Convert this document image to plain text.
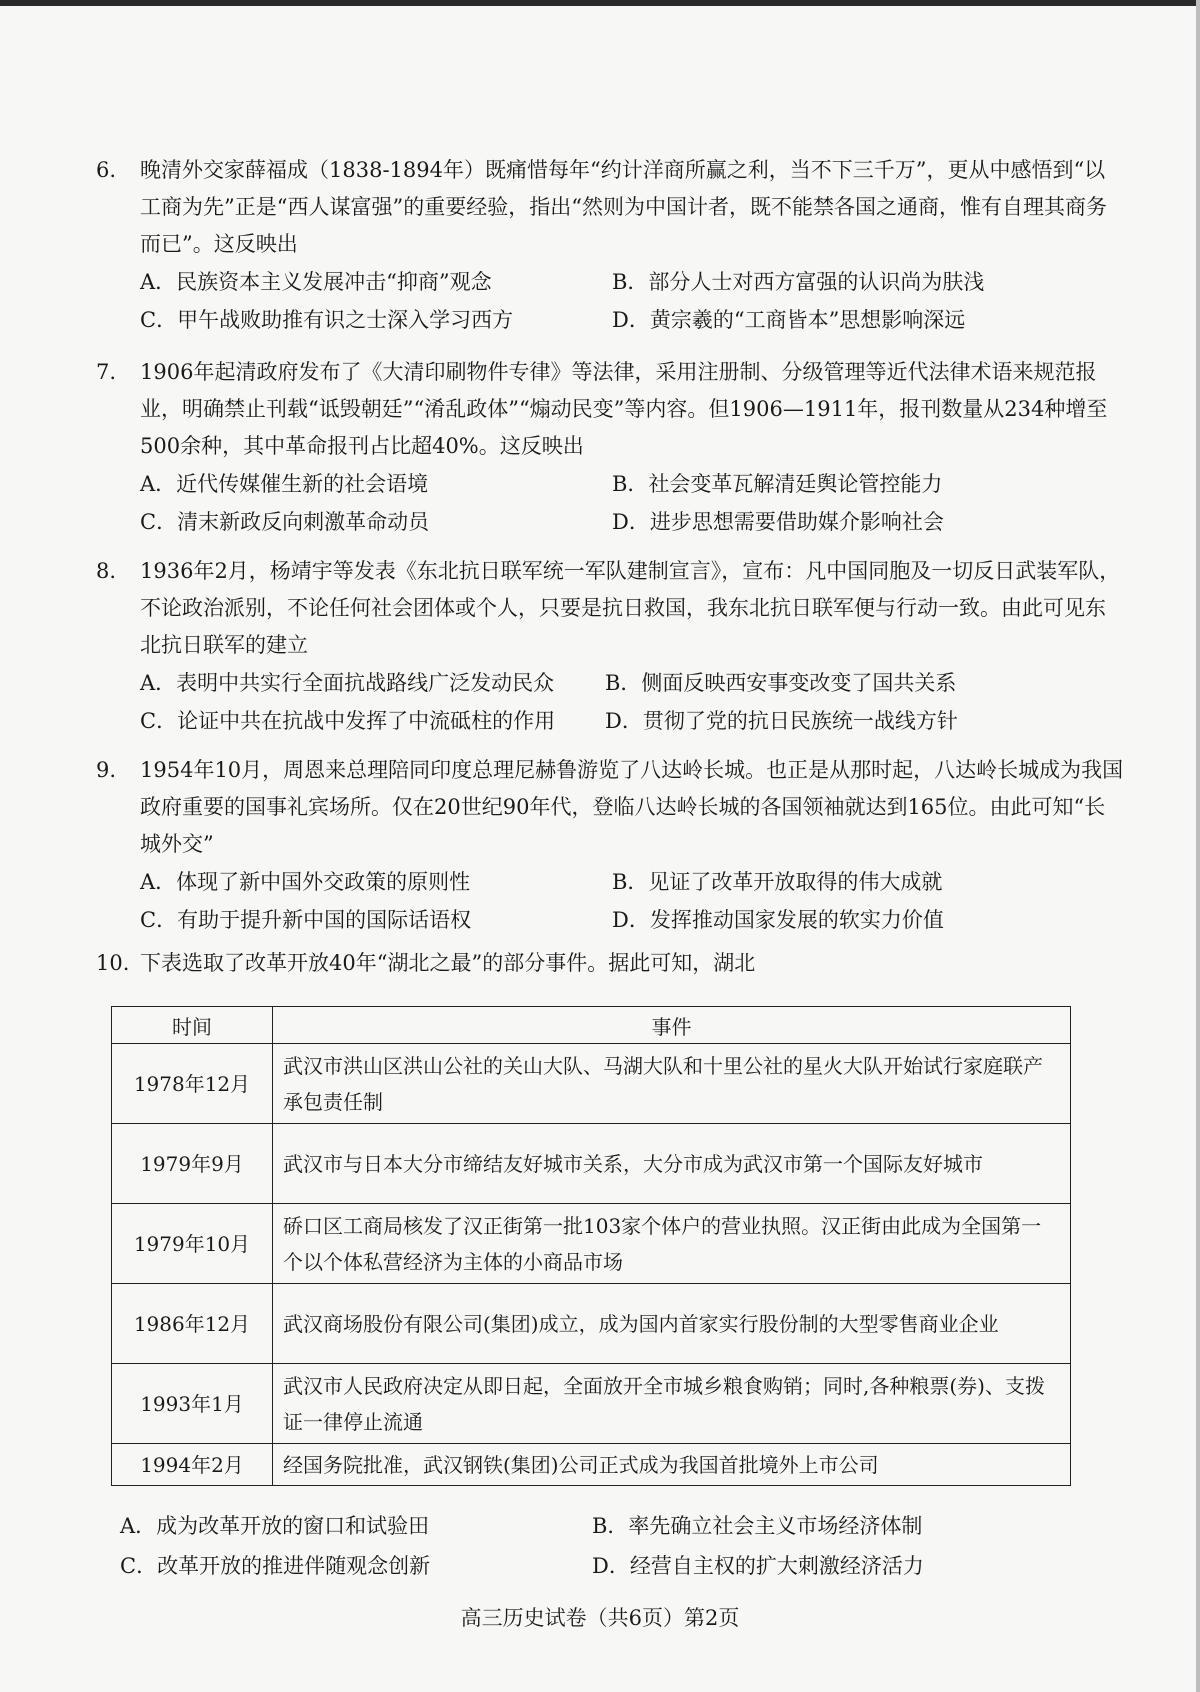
6. 晚清外交家薛福成（1838-1894年）既痛惜每年“约计洋商所赢之利，当不下三千万”，更从中感悟到“以工商为先”正是“西人谋富强”的重要经验，指出“然则为中国计者，既不能禁各国之通商，惟有自理其商务而已”。这反映出
A．民族资本主义发展冲击“抑商”观念	B．部分人士对西方富强的认识尚为肤浅
C．甲午战败助推有识之士深入学习西方	D．黄宗羲的“工商皆本”思想影响深远
7. 1906年起清政府发布了《大清印刷物件专律》等法律，采用注册制、分级管理等近代法律术语来规范报业，明确禁止刊载“诋毁朝廷”“淆乱政体”“煽动民变”等内容。但1906—1911年，报刊数量从234种增至500余种，其中革命报刊占比超40%。这反映出
A．近代传媒催生新的社会语境	B．社会变革瓦解清廷舆论管控能力
C．清末新政反向刺激革命动员	D．进步思想需要借助媒介影响社会
8. 1936年2月，杨靖宇等发表《东北抗日联军统一军队建制宣言》，宣布：凡中国同胞及一切反日武装军队，不论政治派别，不论任何社会团体或个人，只要是抗日救国，我东北抗日联军便与行动一致。由此可见东北抗日联军的建立
A．表明中共实行全面抗战路线广泛发动民众	B．侧面反映西安事变改变了国共关系
C．论证中共在抗战中发挥了中流砥柱的作用	D．贯彻了党的抗日民族统一战线方针
9. 1954年10月，周恩来总理陪同印度总理尼赫鲁游览了八达岭长城。也正是从那时起，八达岭长城成为我国政府重要的国事礼宾场所。仅在20世纪90年代，登临八达岭长城的各国领袖就达到165位。由此可知“长城外交”
A．体现了新中国外交政策的原则性	B．见证了改革开放取得的伟大成就
C．有助于提升新中国的国际话语权	D．发挥推动国家发展的软实力价值
10. 下表选取了改革开放40年“湖北之最”的部分事件。据此可知，湖北
时间	事件
1978年12月	武汉市洪山区洪山公社的关山大队、马湖大队和十里公社的星火大队开始试行家庭联产承包责任制
1979年9月	武汉市与日本大分市缔结友好城市关系，大分市成为武汉市第一个国际友好城市
1979年10月	硚口区工商局核发了汉正街第一批103家个体户的营业执照。汉正街由此成为全国第一个以个体私营经济为主体的小商品市场
1986年12月	武汉商场股份有限公司(集团)成立，成为国内首家实行股份制的大型零售商业企业
1993年1月	武汉市人民政府决定从即日起，全面放开全市城乡粮食购销；同时,各种粮票(券)、支拨证一律停止流通
1994年2月	经国务院批准，武汉钢铁(集团)公司正式成为我国首批境外上市公司
A．成为改革开放的窗口和试验田	B．率先确立社会主义市场经济体制
C．改革开放的推进伴随观念创新	D．经营自主权的扩大刺激经济活力
高三历史试卷（共6页）第2页
